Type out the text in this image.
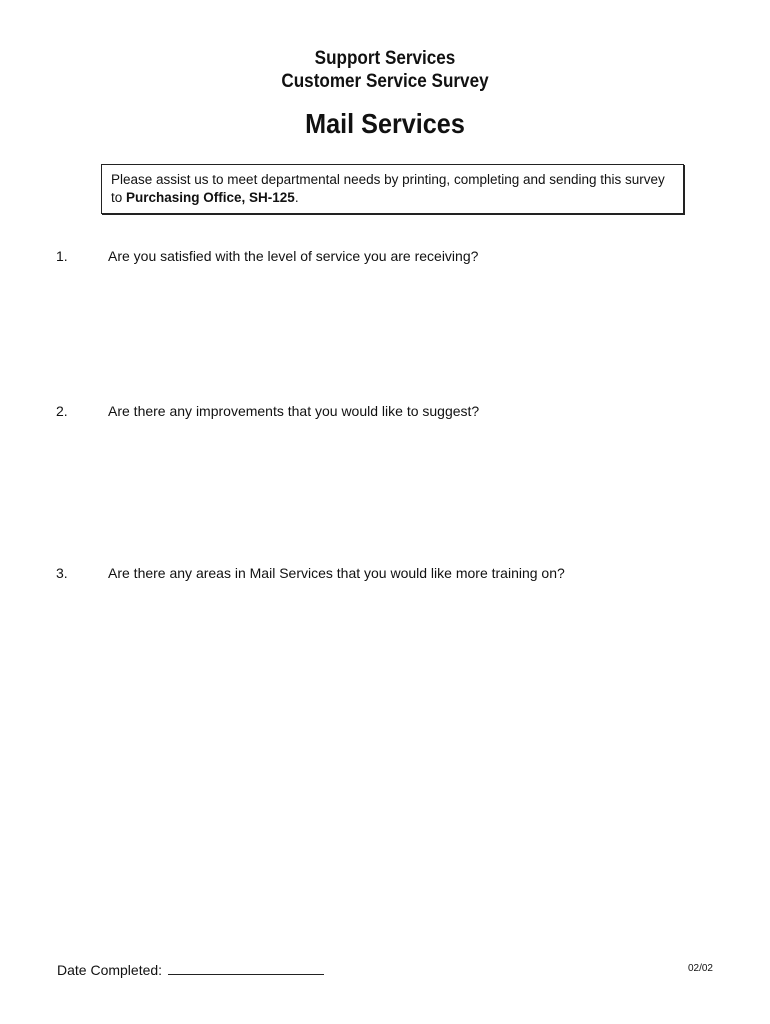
Support Services
Customer Service Survey
Mail Services
Please assist us to meet departmental needs by printing, completing and sending this survey to Purchasing Office, SH-125.
1.	Are you satisfied with the level of service you are receiving?
2.	Are there any improvements that you would like to suggest?
3.	Are there any areas in Mail Services that you would like more training on?
Date Completed:	02/02
